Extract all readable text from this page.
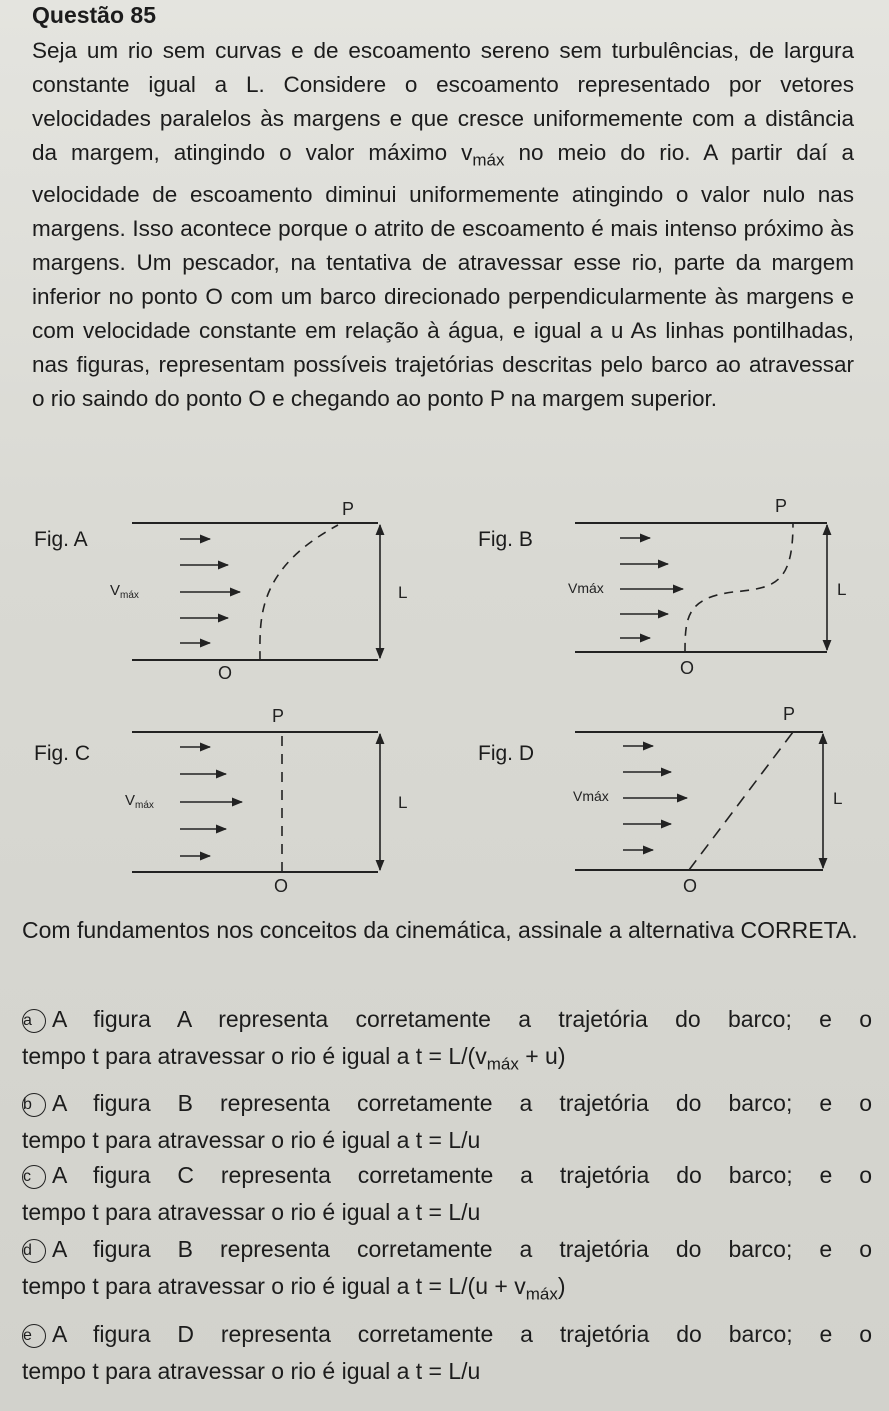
Questão 85

Seja um rio sem curvas e de escoamento sereno sem turbulências, de largura constante igual a L. Considere o escoamento representado por vetores velocidades paralelos às margens e que cresce uniformemente com a distância da margem, atingindo o valor máximo $v_{máx}$ no meio do rio. A partir daí a velocidade de escoamento diminui uniformemente atingindo o valor nulo nas margens. Isso acontece porque o atrito de escoamento é mais intenso próximo às margens. Um pescador, na tentativa de atravessar esse rio, parte da margem inferior no ponto O com um barco direcionado perpendicularmente às margens e com velocidade constante em relação à água, e igual a u As linhas pontilhadas, nas figuras, representam possíveis trajetórias descritas pelo barco ao atravessar o rio saindo do ponto O e chegando ao ponto P na margem superior.

Fig. A
P
O
L
$V_{máx}$
Fig. B
P
O
L
Vmáx
Fig. C
P
O
L
$V_{máx}$
Fig. D
P
O
L
Vmáx

Com fundamentos nos conceitos da cinemática, assinale a alternativa CORRETA.

a A figura A representa corretamente a trajetória do barco; e o
tempo t para atravessar o rio é igual a $t = L/(v_{máx} + u)$
b A figura B representa corretamente a trajetória do barco; e o
tempo t para atravessar o rio é igual a t = L/u
c A figura C representa corretamente a trajetória do barco; e o
tempo t para atravessar o rio é igual a t = L/u
d A figura B representa corretamente a trajetória do barco; e o
tempo t para atravessar o rio é igual a $t = L/(u + v_{máx})$
e A figura D representa corretamente a trajetória do barco; e o
tempo t para atravessar o rio é igual a t = L/u
